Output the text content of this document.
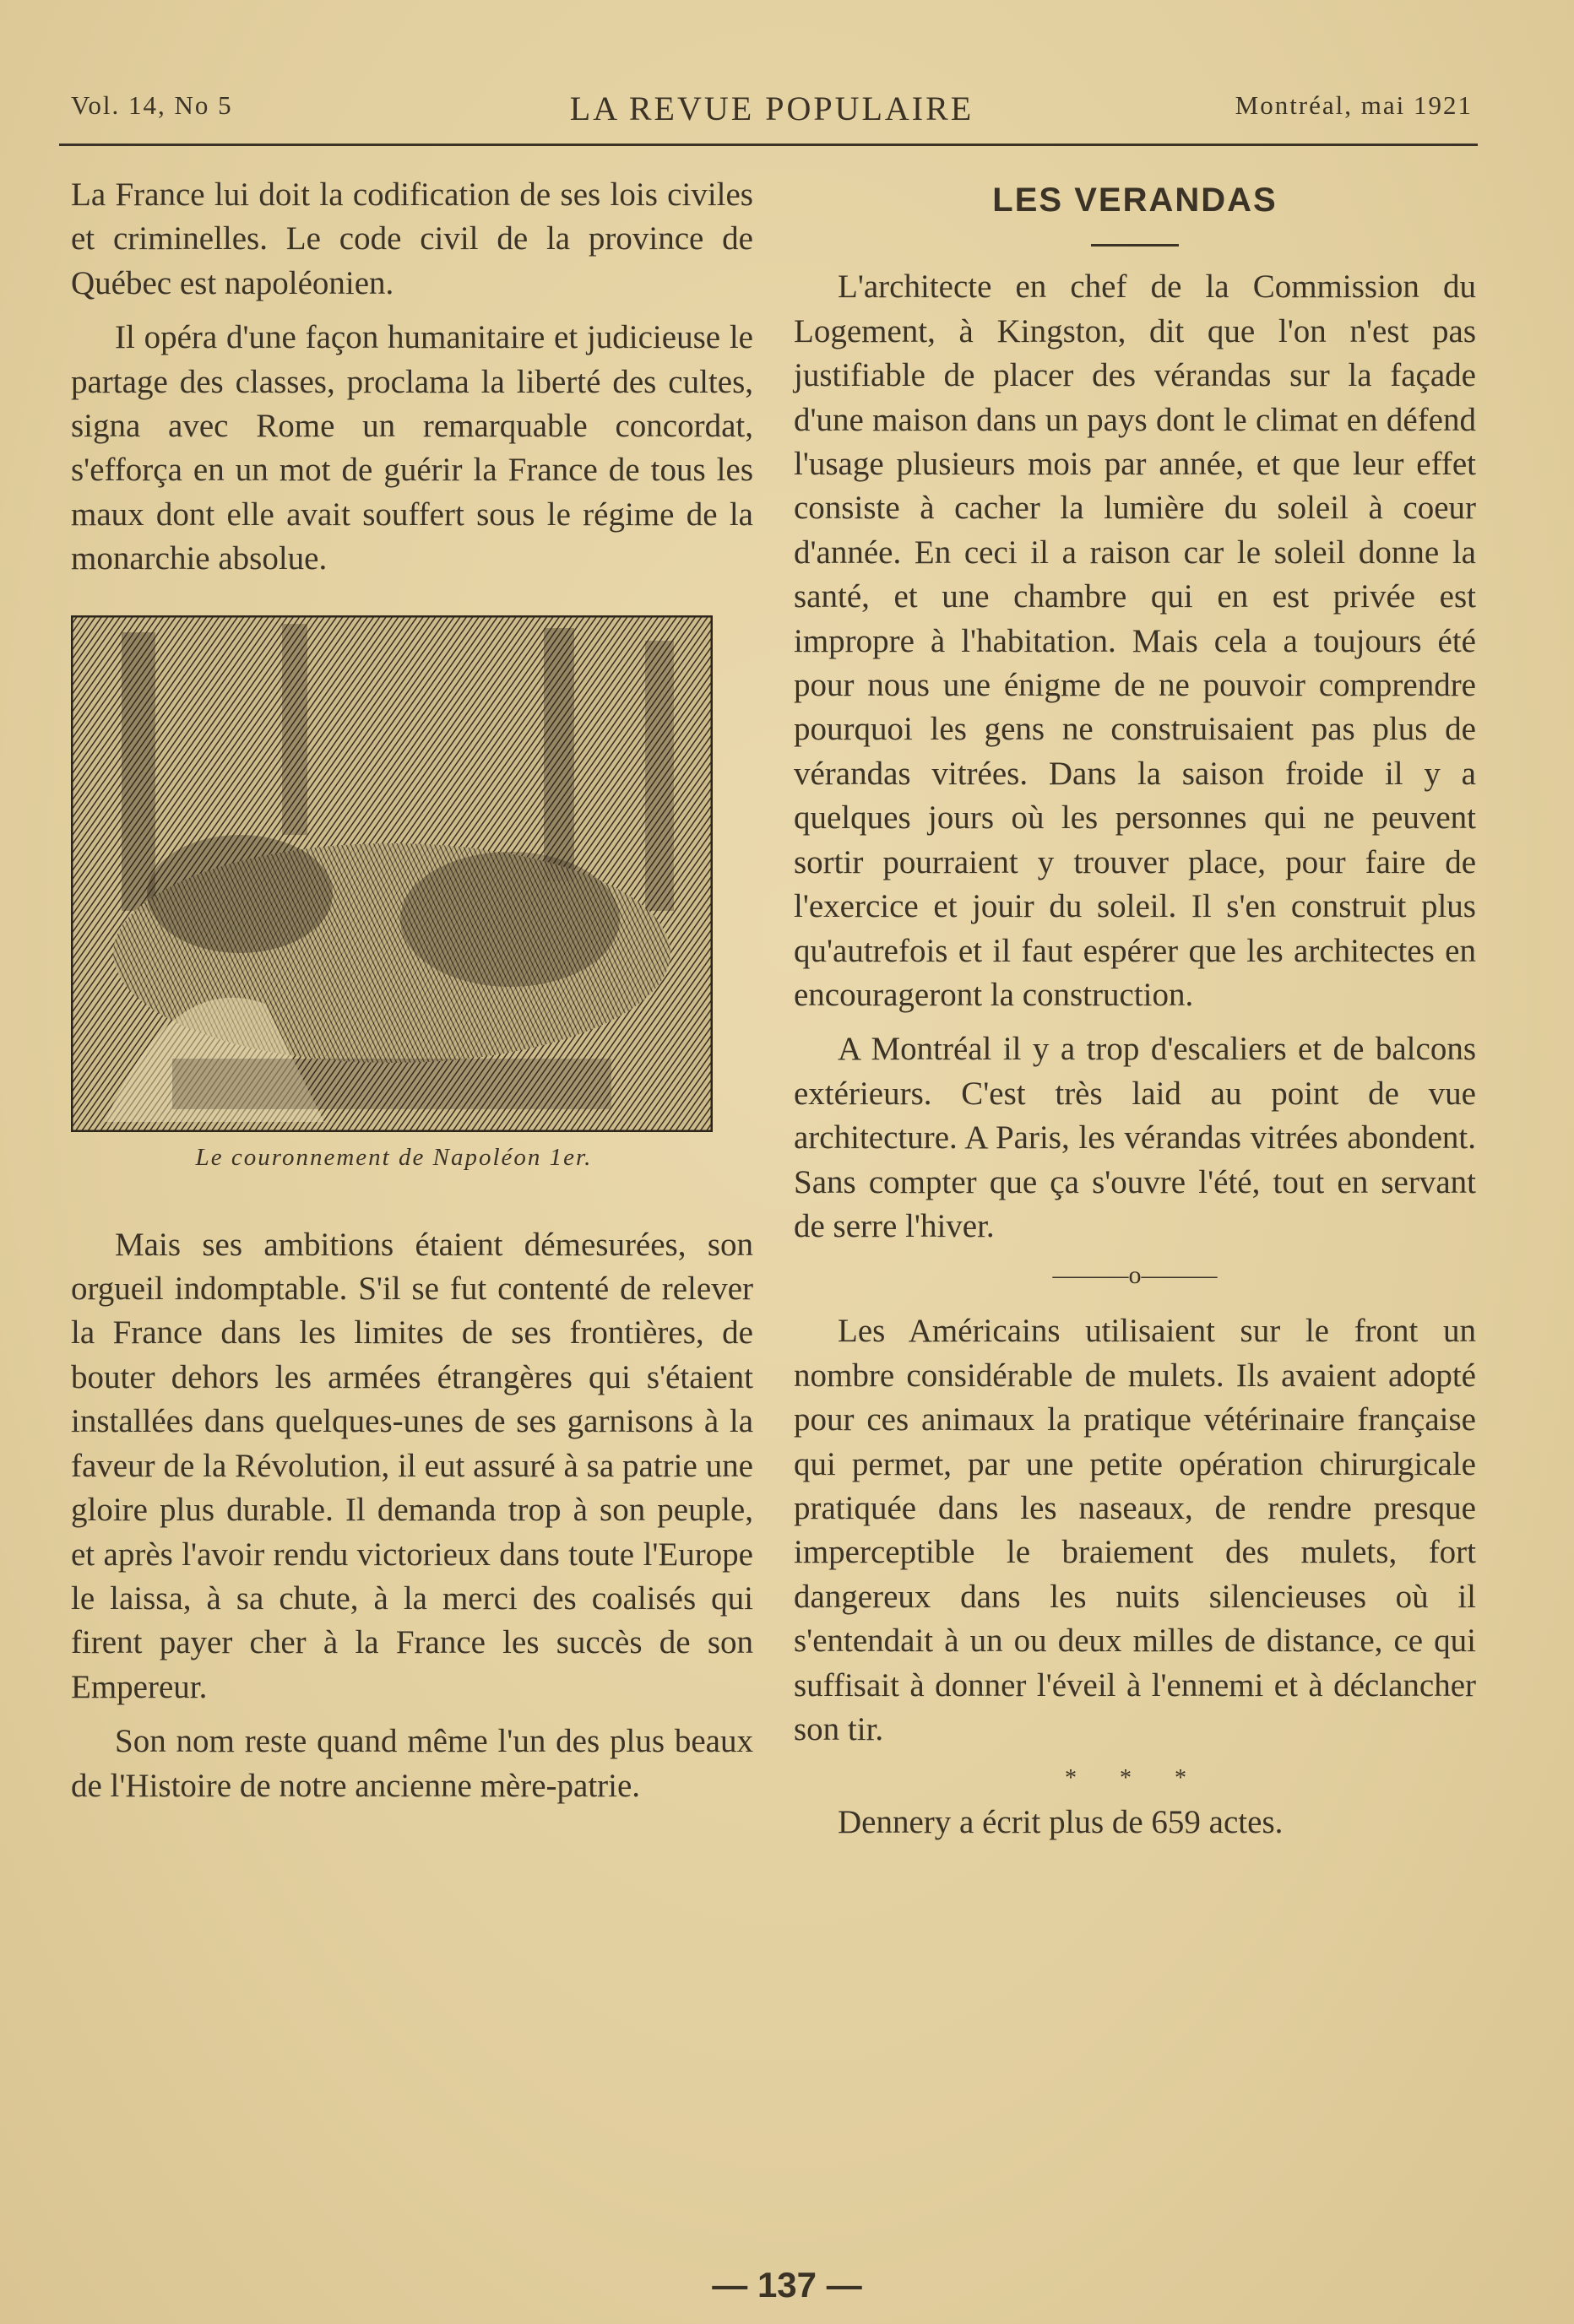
Vol. 14, No 5	LA REVUE POPULAIRE	Montréal, mai 1921

La France lui doit la codification de ses lois civiles et criminelles. Le code civil de la province de Québec est napoléonien.

Il opéra d'une façon humanitaire et judicieuse le partage des classes, proclama la liberté des cultes, signa avec Rome un remarquable concordat, s'efforça en un mot de guérir la France de tous les maux dont elle avait souffert sous le régime de la monarchie absolue.

Le couronnement de Napoléon 1er.

Mais ses ambitions étaient démesurées, son orgueil indomptable. S'il se fut contenté de relever la France dans les limites de ses frontières, de bouter dehors les armées étrangères qui s'étaient installées dans quelques-unes de ses garnisons à la faveur de la Révolution, il eut assuré à sa patrie une gloire plus durable. Il demanda trop à son peuple, et après l'avoir rendu victorieux dans toute l'Europe le laissa, à sa chute, à la merci des coalisés qui firent payer cher à la France les succès de son Empereur.

Son nom reste quand même l'un des plus beaux de l'Histoire de notre ancienne mère-patrie.

LES VERANDAS

L'architecte en chef de la Commission du Logement, à Kingston, dit que l'on n'est pas justifiable de placer des vérandas sur la façade d'une maison dans un pays dont le climat en défend l'usage plusieurs mois par année, et que leur effet consiste à cacher la lumière du soleil à coeur d'année. En ceci il a raison car le soleil donne la santé, et une chambre qui en est privée est impropre à l'habitation. Mais cela a toujours été pour nous une énigme de ne pouvoir comprendre pourquoi les gens ne construisaient pas plus de vérandas vitrées. Dans la saison froide il y a quelques jours où les personnes qui ne peuvent sortir pourraient y trouver place, pour faire de l'exercice et jouir du soleil. Il s'en construit plus qu'autrefois et il faut espérer que les architectes en encourageront la construction.

A Montréal il y a trop d'escaliers et de balcons extérieurs. C'est très laid au point de vue architecture. A Paris, les vérandas vitrées abondent. Sans compter que ça s'ouvre l'été, tout en servant de serre l'hiver.

———o———

Les Américains utilisaient sur le front un nombre considérable de mulets. Ils avaient adopté pour ces animaux la pratique vétérinaire française qui permet, par une petite opération chirurgicale pratiquée dans les naseaux, de rendre presque imperceptible le braiement des mulets, fort dangereux dans les nuits silencieuses où il s'entendait à un ou deux milles de distance, ce qui suffisait à donner l'éveil à l'ennemi et à déclancher son tir.

* * *

Dennery a écrit plus de 659 actes.

— 137 —
